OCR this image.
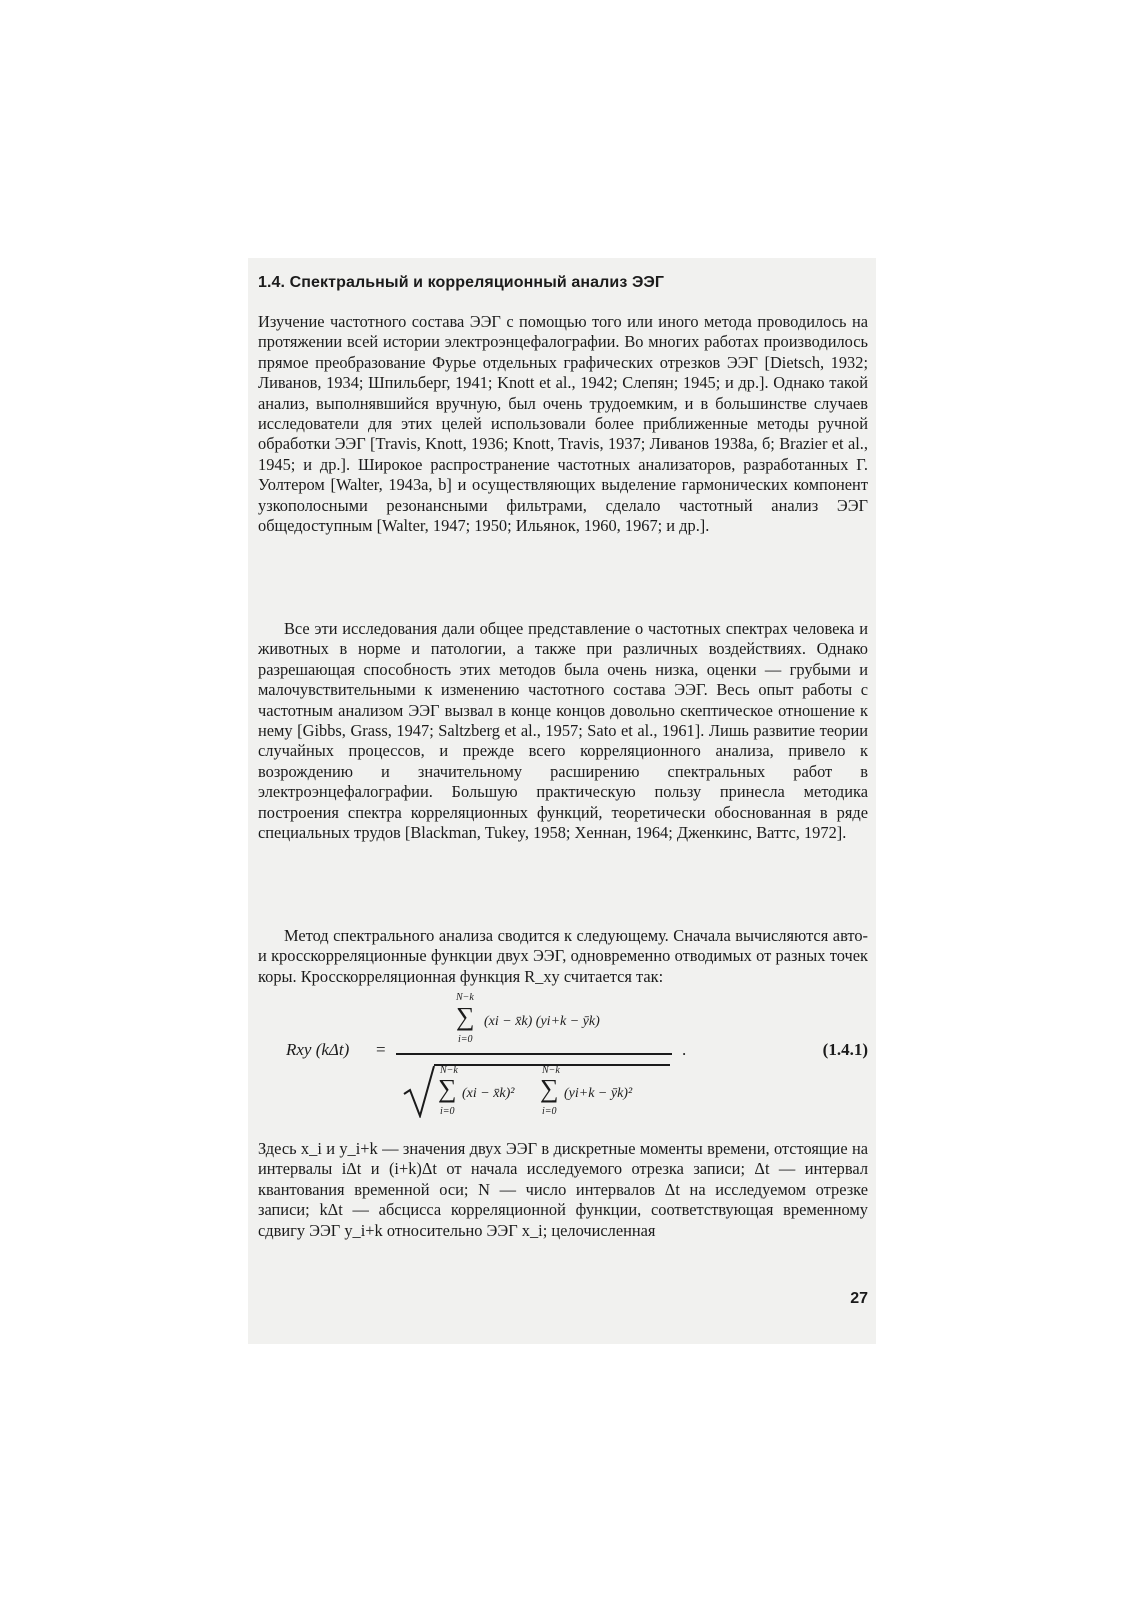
1.4. Спектральный и корреляционный анализ ЭЭГ
Изучение частотного состава ЭЭГ с помощью того или иного метода проводилось на протяжении всей истории электроэнцефалографии. Во многих работах производилось прямое преобразование Фурье отдельных графических отрезков ЭЭГ [Dietsch, 1932; Ливанов, 1934; Шпильберг, 1941; Knott et al., 1942; Слепян; 1945; и др.]. Однако такой анализ, выполнявшийся вручную, был очень трудоемким, и в большинстве случаев исследователи для этих целей использовали более приближенные методы ручной обработки ЭЭГ [Travis, Knott, 1936; Knott, Travis, 1937; Ливанов 1938а, б; Brazier et al., 1945; и др.]. Широкое распространение частотных анализаторов, разработанных Г. Уолтером [Walter, 1943a, b] и осуществляющих выделение гармонических компонент узкополосными резонансными фильтрами, сделало частотный анализ ЭЭГ общедоступным [Walter, 1947; 1950; Ильянок, 1960, 1967; и др.].
Все эти исследования дали общее представление о частотных спектрах человека и животных в норме и патологии, а также при различных воздействиях. Однако разрешающая способность этих методов была очень низка, оценки — грубыми и малочувствительными к изменению частотного состава ЭЭГ. Весь опыт работы с частотным анализом ЭЭГ вызвал в конце концов довольно скептическое отношение к нему [Gibbs, Grass, 1947; Saltzberg et al., 1957; Sato et al., 1961]. Лишь развитие теории случайных процессов, и прежде всего корреляционного анализа, привело к возрождению и значительному расширению спектральных работ в электроэнцефалографии. Большую практическую пользу принесла методика построения спектра корреляционных функций, теоретически обоснованная в ряде специальных трудов [Blackman, Tukey, 1958; Хеннан, 1964; Дженкинс, Ваттс, 1972].
Метод спектрального анализа сводится к следующему. Сначала вычисляются авто- и кросскорреляционные функции двух ЭЭГ, одновременно отводимых от разных точек коры. Кросскорреляционная функция R_xy считается так:
Rxy (kΔt) =
N−k
∑
i=0
(xi − x̄k) (yi+k − ȳk)
N−k
∑
i=0
(xi − x̄k)²
N−k
∑
i=0
(yi+k − ȳk)²
.	(1.4.1)
Здесь x_i и y_i+k — значения двух ЭЭГ в дискретные моменты времени, отстоящие на интервалы iΔt и (i+k)Δt от начала исследуемого отрезка записи; Δt — интервал квантования временной оси; N — число интервалов Δt на исследуемом отрезке записи; kΔt — абсцисса корреляционной функции, соответствующая временному сдвигу ЭЭГ y_i+k относительно ЭЭГ x_i; целочисленная
27
